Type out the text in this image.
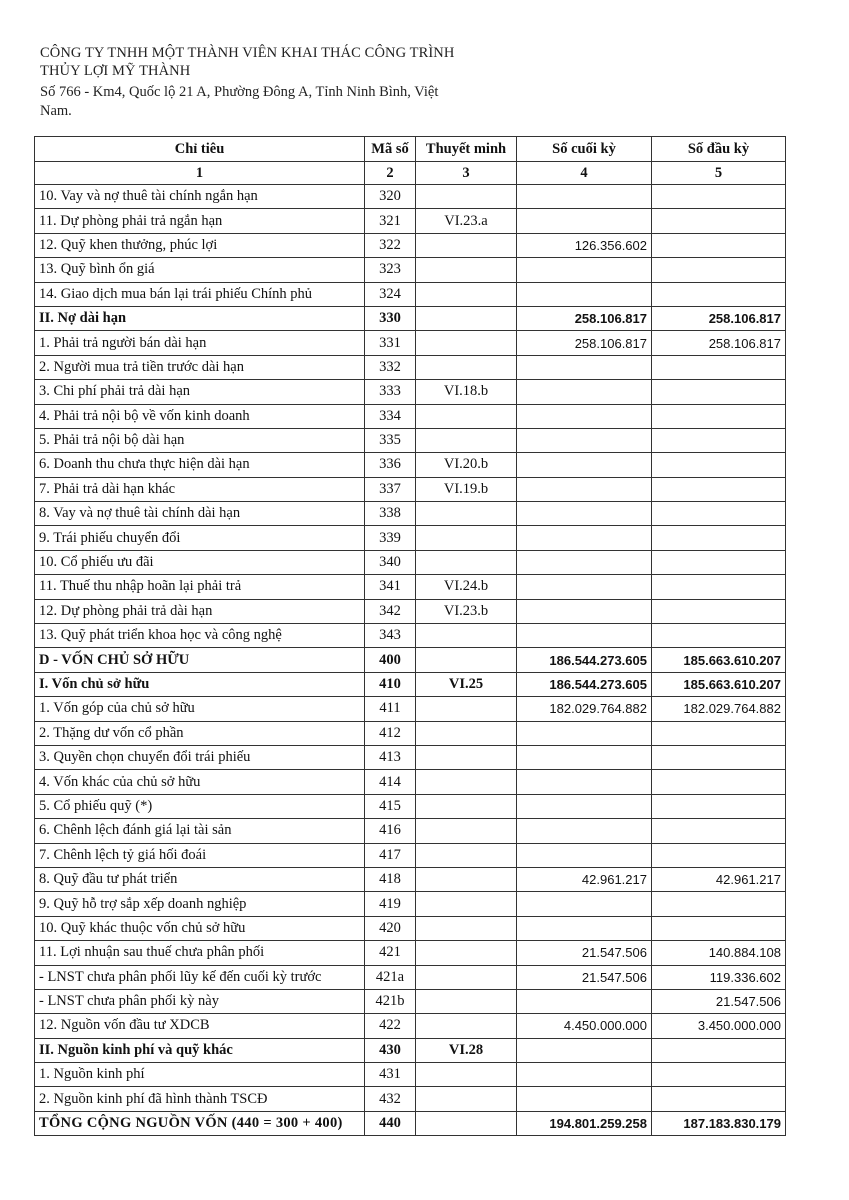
CÔNG TY TNHH MỘT THÀNH VIÊN KHAI THÁC CÔNG TRÌNH
THỦY LỢI MỸ THÀNH
Số 766 - Km4, Quốc lộ 21 A, Phường Đông A, Tỉnh Ninh Bình, Việt
Nam.
Chỉ tiêu	Mã số	Thuyết minh	Số cuối kỳ	Số đầu kỳ
1	2	3	4	5
10. Vay và nợ thuê tài chính ngắn hạn	320			
11. Dự phòng phải trả ngắn hạn	321	VI.23.a		
12. Quỹ khen thưởng, phúc lợi	322		126.356.602	
13. Quỹ bình ổn giá	323			
14. Giao dịch mua bán lại trái phiếu Chính phủ	324			
II. Nợ dài hạn	330		258.106.817	258.106.817
1. Phải trả người bán dài hạn	331		258.106.817	258.106.817
2. Người mua trả tiền trước dài hạn	332			
3. Chi phí phải trả dài hạn	333	VI.18.b		
4. Phải trả nội bộ về vốn kinh doanh	334			
5. Phải trả nội bộ dài hạn	335			
6. Doanh thu chưa thực hiện dài hạn	336	VI.20.b		
7. Phải trả dài hạn khác	337	VI.19.b		
8. Vay và nợ thuê tài chính dài hạn	338			
9. Trái phiếu chuyển đổi	339			
10. Cổ phiếu ưu đãi	340			
11. Thuế thu nhập hoãn lại phải trả	341	VI.24.b		
12. Dự phòng phải trả dài hạn	342	VI.23.b		
13. Quỹ phát triển khoa học và công nghệ	343			
D - VỐN CHỦ SỞ HỮU	400		186.544.273.605	185.663.610.207
I. Vốn chủ sở hữu	410	VI.25	186.544.273.605	185.663.610.207
1. Vốn góp của chủ sở hữu	411		182.029.764.882	182.029.764.882
2. Thặng dư vốn cổ phần	412			
3. Quyền chọn chuyển đổi trái phiếu	413			
4. Vốn khác của chủ sở hữu	414			
5. Cổ phiếu quỹ (*)	415			
6. Chênh lệch đánh giá lại tài sản	416			
7. Chênh lệch tỷ giá hối đoái	417			
8. Quỹ đầu tư phát triển	418		42.961.217	42.961.217
9. Quỹ hỗ trợ sắp xếp doanh nghiệp	419			
10. Quỹ khác thuộc vốn chủ sở hữu	420			
11. Lợi nhuận sau thuế chưa phân phối	421		21.547.506	140.884.108
- LNST chưa phân phối lũy kế đến cuối kỳ trước	421a		21.547.506	119.336.602
- LNST chưa phân phối kỳ này	421b			21.547.506
12. Nguồn vốn đầu tư XDCB	422		4.450.000.000	3.450.000.000
II. Nguồn kinh phí và quỹ khác	430	VI.28		
1. Nguồn kinh phí	431			
2. Nguồn kinh phí đã hình thành TSCĐ	432			
TỔNG CỘNG NGUỒN VỐN (440 = 300 + 400)	440		194.801.259.258	187.183.830.179
